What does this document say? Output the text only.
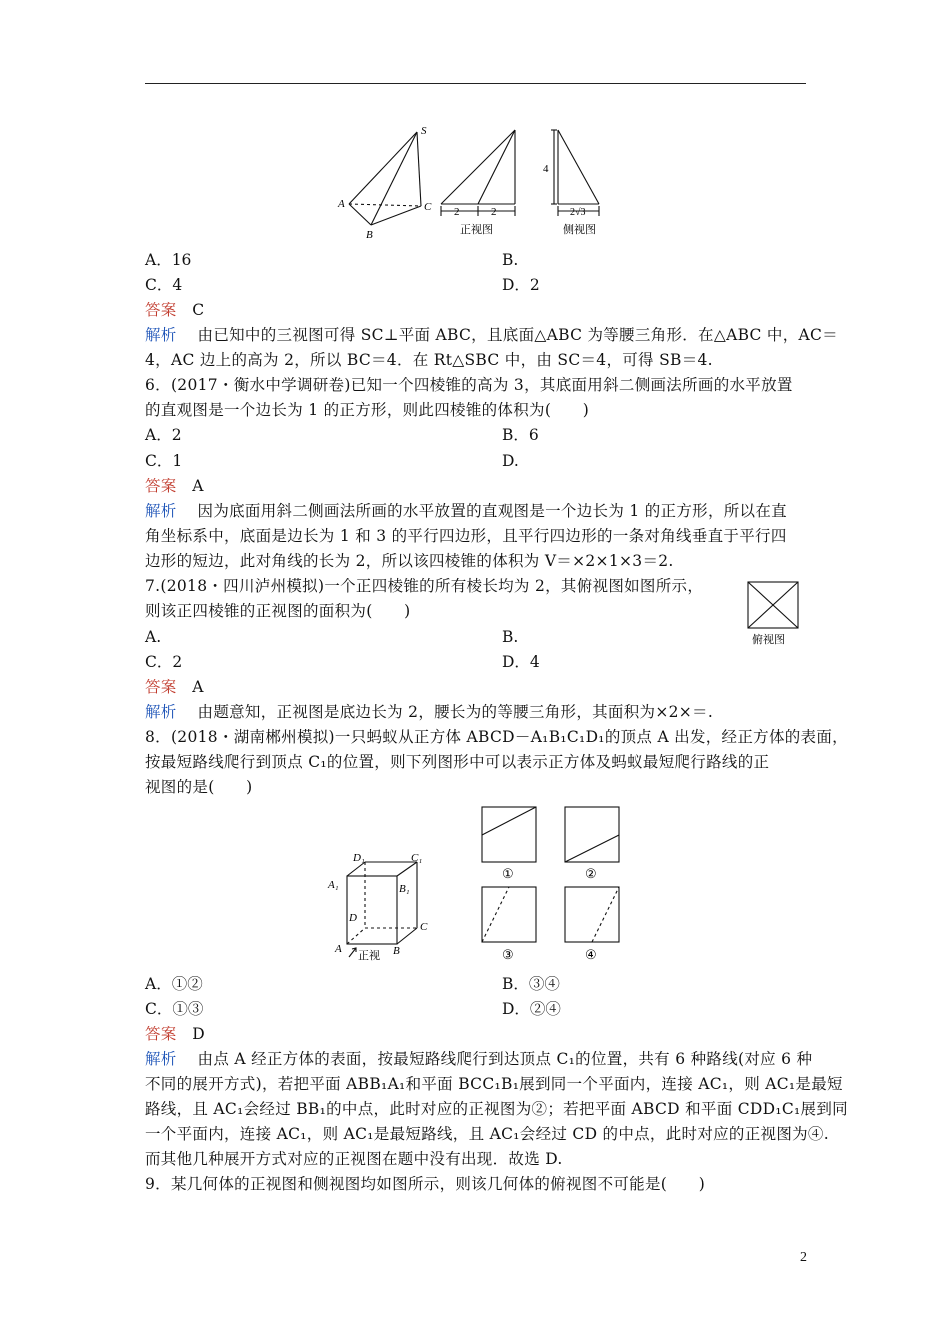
S
A
B
C 2	2
正视图
4
2√3
侧视图
A．16	B.
C．4	D．2
答案 C
解析 由已知中的三视图可得 SC⊥平面 ABC，且底面△ABC 为等腰三角形．在△ABC 中，AC＝
4，AC 边上的高为 2，所以 BC＝4．在 Rt△SBC 中，由 SC＝4，可得 SB＝4.
6．(2017・衡水中学调研卷)已知一个四棱锥的高为 3，其底面用斜二侧画法所画的水平放置
的直观图是一个边长为 1 的正方形，则此四棱锥的体积为(　　)
A．2	B．6
C．1	D.
答案 A
解析 因为底面用斜二侧画法所画的水平放置的直观图是一个边长为 1 的正方形，所以在直
角坐标系中，底面是边长为 1 和 3 的平行四边形，且平行四边形的一条对角线垂直于平行四
边形的短边，此对角线的长为 2，所以该四棱锥的体积为 V＝×2×1×3＝2.
7.(2018・四川泸州模拟)一个正四棱锥的所有棱长均为 2，其俯视图如图所示，
则该正四棱锥的正视图的面积为(　　)
俯视图
A.	B.
C．2	D．4
答案 A
解析 由题意知，正视图是底边长为 2，腰长为的等腰三角形，其面积为×2×＝.
8．(2018・湖南郴州模拟)一只蚂蚁从正方体 ABCD－A₁B₁C₁D₁的顶点 A 出发，经正方体的表面，
按最短路线爬行到顶点 C₁的位置，则下列图形中可以表示正方体及蚂蚁最短爬行路线的正
视图的是(　　)
D₁	C₁
A₁	B₁
D
C
A	B
正视
①	②
③	④
A．①②	B．③④
C．①③	D．②④
答案 D
解析 由点 A 经正方体的表面，按最短路线爬行到达顶点 C₁的位置，共有 6 种路线(对应 6 种
不同的展开方式)，若把平面 ABB₁A₁和平面 BCC₁B₁展到同一个平面内，连接 AC₁，则 AC₁是最短
路线，且 AC₁会经过 BB₁的中点，此时对应的正视图为②；若把平面 ABCD 和平面 CDD₁C₁展到同
一个平面内，连接 AC₁，则 AC₁是最短路线，且 AC₁会经过 CD 的中点，此时对应的正视图为④.
而其他几种展开方式对应的正视图在题中没有出现．故选 D.
9．某几何体的正视图和侧视图均如图所示，则该几何体的俯视图不可能是(　　)
2
